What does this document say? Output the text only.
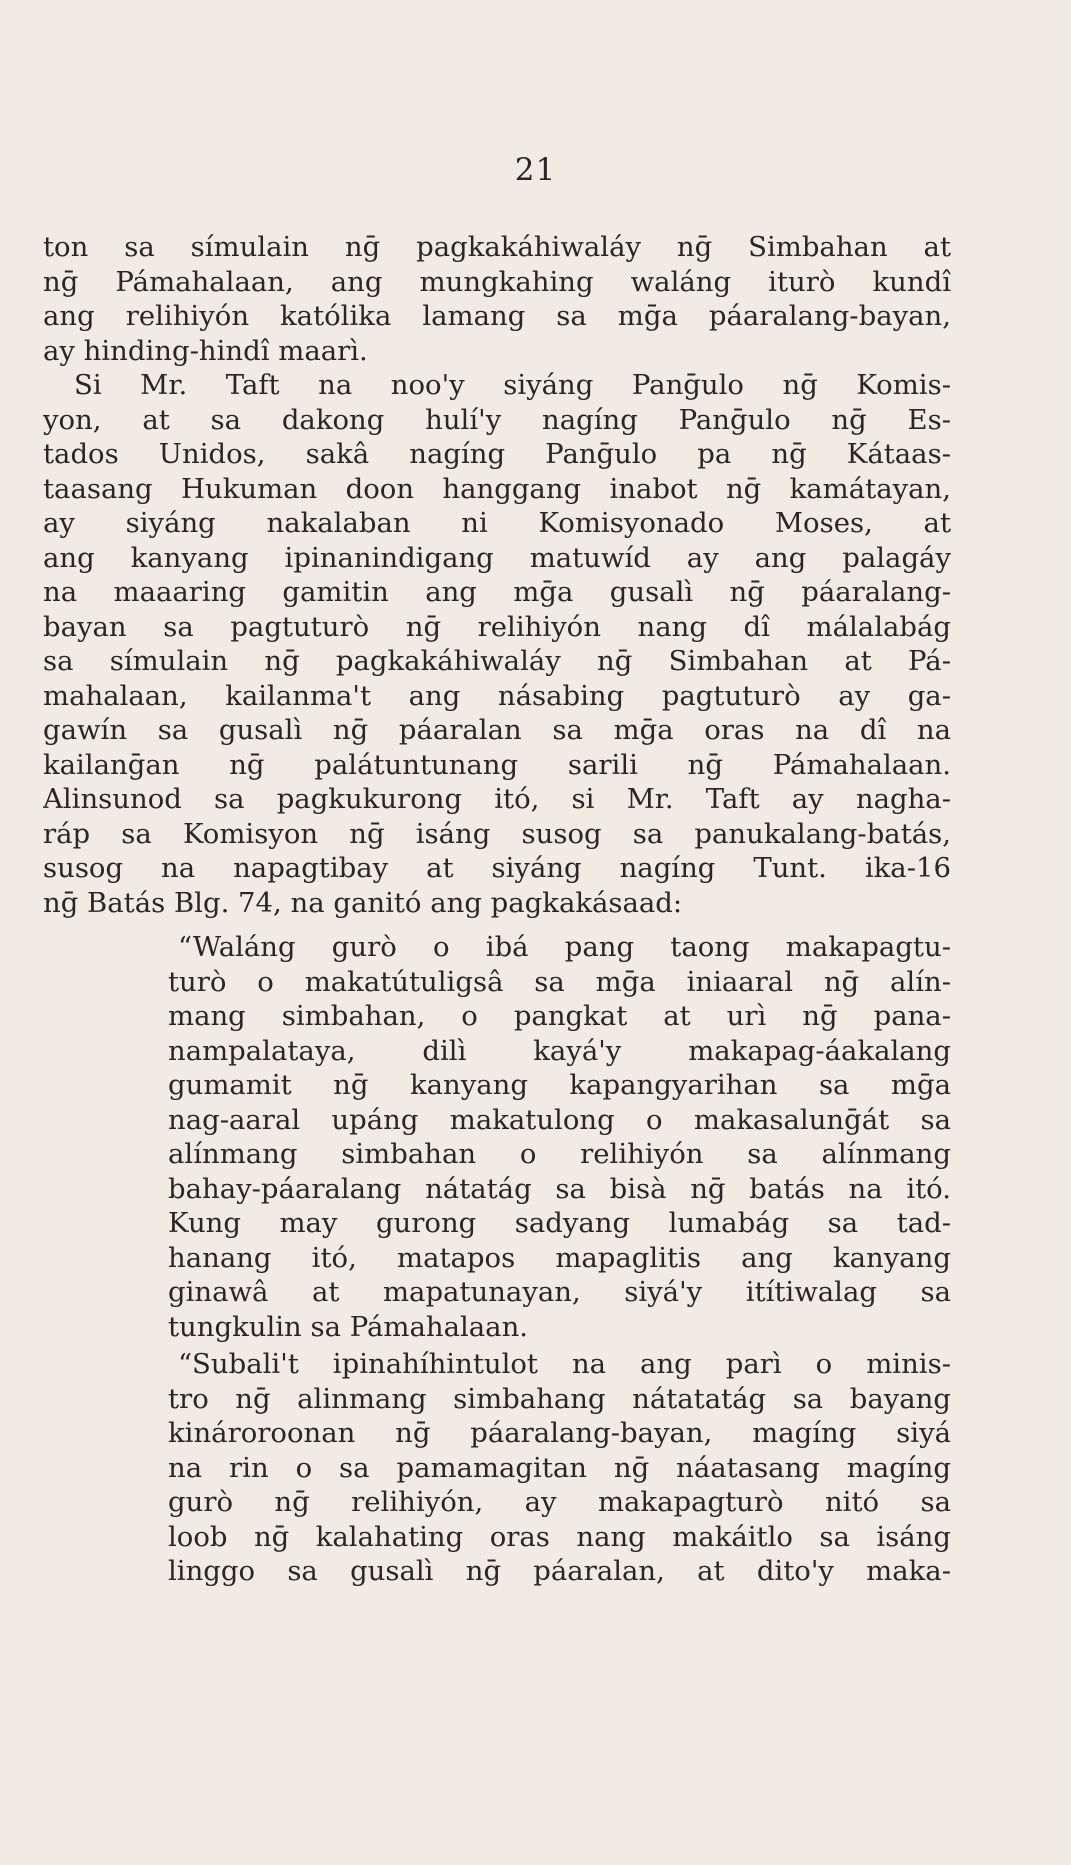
21
ton sa símulain nḡ pagkakáhiwaláy nḡ Simbahan at
nḡ Pámahalaan, ang mungkahing waláng iturò kundî
ang relihiyón katólika lamang sa mḡa páaralang-bayan,
ay hinding-hindî maarì.
Si Mr. Taft na noo'y siyáng Panḡulo nḡ Komis-
yon, at sa dakong hulí'y nagíng Panḡulo nḡ Es-
tados Unidos, sakâ nagíng Panḡulo pa nḡ Kátaas-
taasang Hukuman doon hanggang inabot nḡ kamátayan,
ay siyáng nakalaban ni Komisyonado Moses, at
ang kanyang ipinanindigang matuwíd ay ang palagáy
na maaaring gamitin ang mḡa gusalì nḡ páaralang-
bayan sa pagtuturò nḡ relihiyón nang dî málalabág
sa símulain nḡ pagkakáhiwaláy nḡ Simbahan at Pá-
mahalaan, kailanma't ang násabing pagtuturò ay ga-
gawín sa gusalì nḡ páaralan sa mḡa oras na dî na
kailanḡan nḡ palátuntunang sarili nḡ Pámahalaan.
Alinsunod sa pagkukurong itó, si Mr. Taft ay nagha-
ráp sa Komisyon nḡ isáng susog sa panukalang-batás,
susog na napagtibay at siyáng nagíng Tunt. ika-16
nḡ Batás Blg. 74, na ganitó ang pagkakásaad:
“Waláng gurò o ibá pang taong makapagtu-
turò o makatútuligsâ sa mḡa iniaaral nḡ alín-
mang simbahan, o pangkat at urì nḡ pana-
nampalataya, dilì kayá'y makapag-áakalang
gumamit nḡ kanyang kapangyarihan sa mḡa
nag-aaral upáng makatulong o makasalunḡát sa
alínmang simbahan o relihiyón sa alínmang
bahay-páaralang nátatág sa bisà nḡ batás na itó.
Kung may gurong sadyang lumabág sa tad-
hanang itó, matapos mapaglitis ang kanyang
ginawâ at mapatunayan, siyá'y itítiwalag sa
tungkulin sa Pámahalaan.
“Subali't ipinahíhintulot na ang parì o minis-
tro nḡ alinmang simbahang nátatatág sa bayang
kinároroonan nḡ páaralang-bayan, magíng siyá
na rin o sa pamamagitan nḡ náatasang magíng
gurò nḡ relihiyón, ay makapagturò nitó sa
loob nḡ kalahating oras nang makáitlo sa isáng
linggo sa gusalì nḡ páaralan, at dito'y maka-
